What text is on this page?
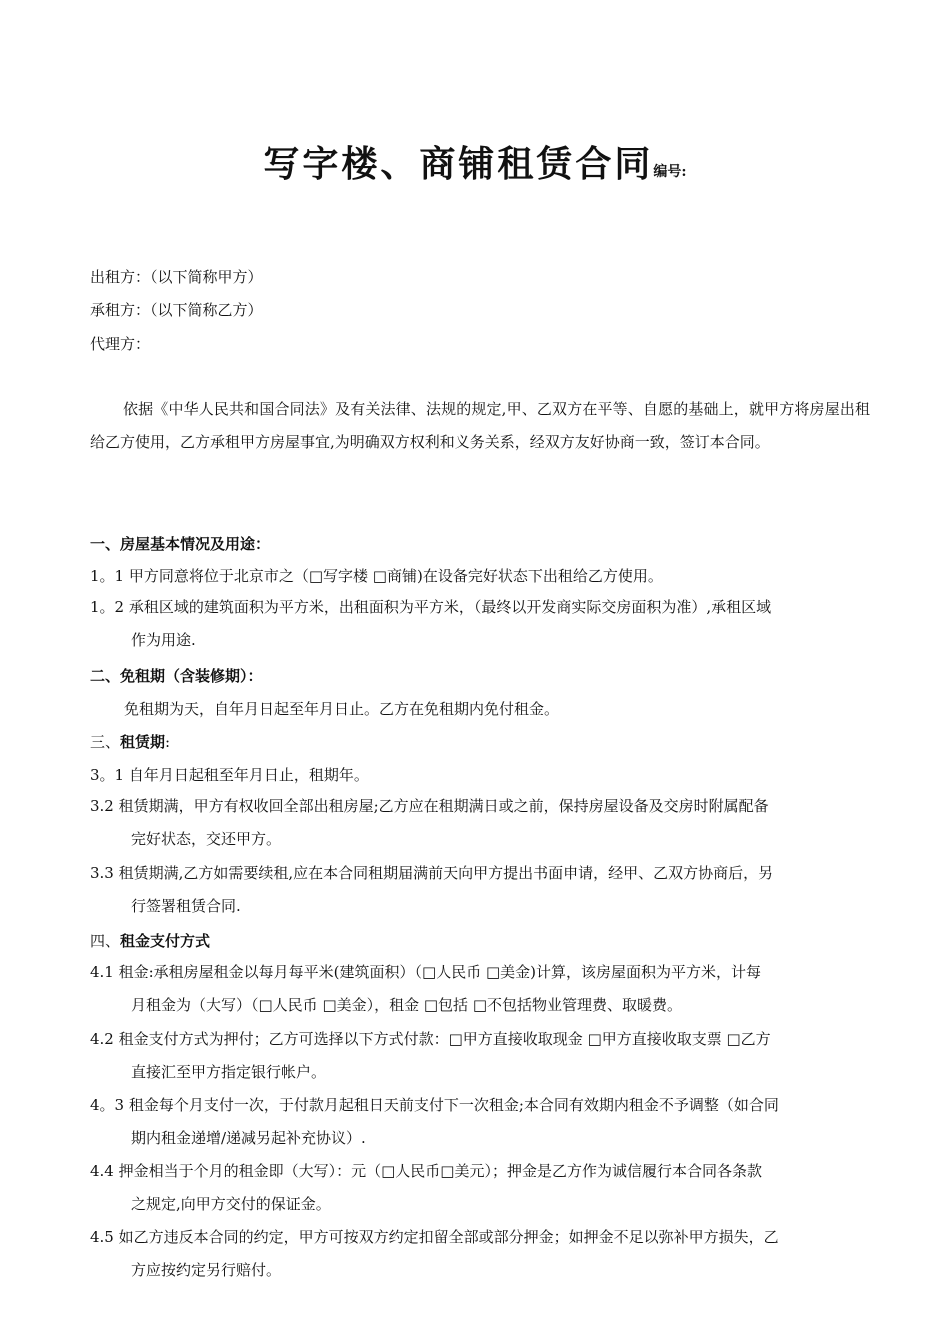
写字楼、商铺租赁合同编号:
出租方：（以下简称甲方）
承租方：（以下简称乙方）
代理方：
依据《中华人民共和国合同法》及有关法律、法规的规定,甲、乙双方在平等、自愿的基础上，就甲方将房屋出租给乙方使用，乙方承租甲方房屋事宜,为明确双方权利和义务关系，经双方友好协商一致，签订本合同。
一、房屋基本情况及用途：
1。1 甲方同意将位于北京市之（□写字楼 □商铺)在设备完好状态下出租给乙方使用。
1。2 承租区域的建筑面积为平方米，出租面积为平方米，（最终以开发商实际交房面积为准）,承租区域
作为用途.
二、免租期（含装修期）：
免租期为天，自年月日起至年月日止。乙方在免租期内免付租金。
三、租赁期:
3。1 自年月日起租至年月日止，租期年。
3.2 租赁期满，甲方有权收回全部出租房屋;乙方应在租期满日或之前，保持房屋设备及交房时附属配备
完好状态，交还甲方。
3.3 租赁期满,乙方如需要续租,应在本合同租期届满前天向甲方提出书面申请，经甲、乙双方协商后，另
行签署租赁合同.
四、租金支付方式
4.1 租金:承租房屋租金以每月每平米(建筑面积）（□人民币 □美金)计算，该房屋面积为平方米，计每
月租金为（大写）（□人民币 □美金），租金 □包括 □不包括物业管理费、取暖费。
4.2 租金支付方式为押付；乙方可选择以下方式付款：□甲方直接收取现金 □甲方直接收取支票 □乙方
直接汇至甲方指定银行帐户。
4。3 租金每个月支付一次，于付款月起租日天前支付下一次租金;本合同有效期内租金不予调整（如合同
期内租金递增/递减另起补充协议）.
4.4 押金相当于个月的租金即（大写）：元（□人民币□美元）；押金是乙方作为诚信履行本合同各条款
之规定,向甲方交付的保证金。
4.5 如乙方违反本合同的约定，甲方可按双方约定扣留全部或部分押金；如押金不足以弥补甲方损失，乙
方应按约定另行赔付。
